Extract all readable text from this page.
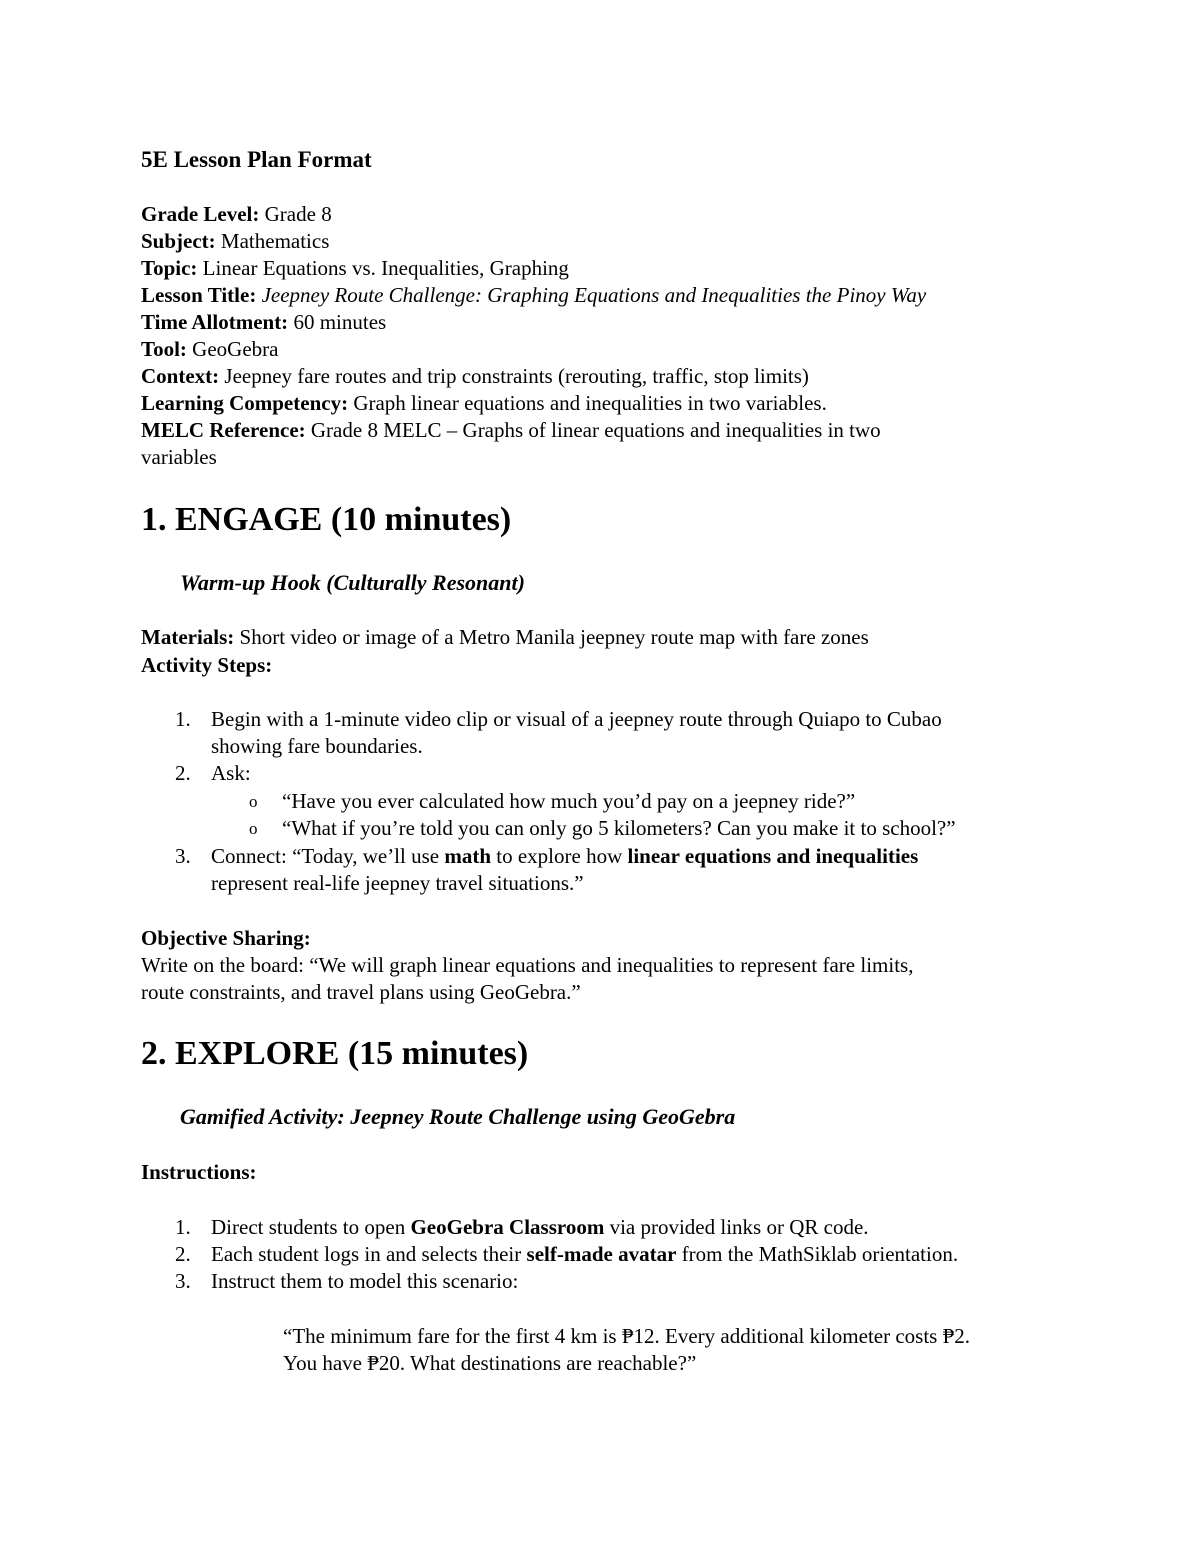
5E Lesson Plan Format
Grade Level: Grade 8
Subject: Mathematics
Topic: Linear Equations vs. Inequalities, Graphing
Lesson Title: Jeepney Route Challenge: Graphing Equations and Inequalities the Pinoy Way
Time Allotment: 60 minutes
Tool: GeoGebra
Context: Jeepney fare routes and trip constraints (rerouting, traffic, stop limits)
Learning Competency: Graph linear equations and inequalities in two variables.
MELC Reference: Grade 8 MELC – Graphs of linear equations and inequalities in two
variables
1. ENGAGE (10 minutes)
Warm-up Hook (Culturally Resonant)
Materials: Short video or image of a Metro Manila jeepney route map with fare zones
Activity Steps:
1. Begin with a 1-minute video clip or visual of a jeepney route through Quiapo to Cubao
showing fare boundaries.
2. Ask:
o “Have you ever calculated how much you’d pay on a jeepney ride?”
o “What if you’re told you can only go 5 kilometers? Can you make it to school?”
3. Connect: “Today, we’ll use math to explore how linear equations and inequalities
represent real-life jeepney travel situations.”
Objective Sharing:
Write on the board: “We will graph linear equations and inequalities to represent fare limits,
route constraints, and travel plans using GeoGebra.”
2. EXPLORE (15 minutes)
Gamified Activity: Jeepney Route Challenge using GeoGebra
Instructions:
1. Direct students to open GeoGebra Classroom via provided links or QR code.
2. Each student logs in and selects their self-made avatar from the MathSiklab orientation.
3. Instruct them to model this scenario:
“The minimum fare for the first 4 km is ₱12. Every additional kilometer costs ₱2.
You have ₱20. What destinations are reachable?”
